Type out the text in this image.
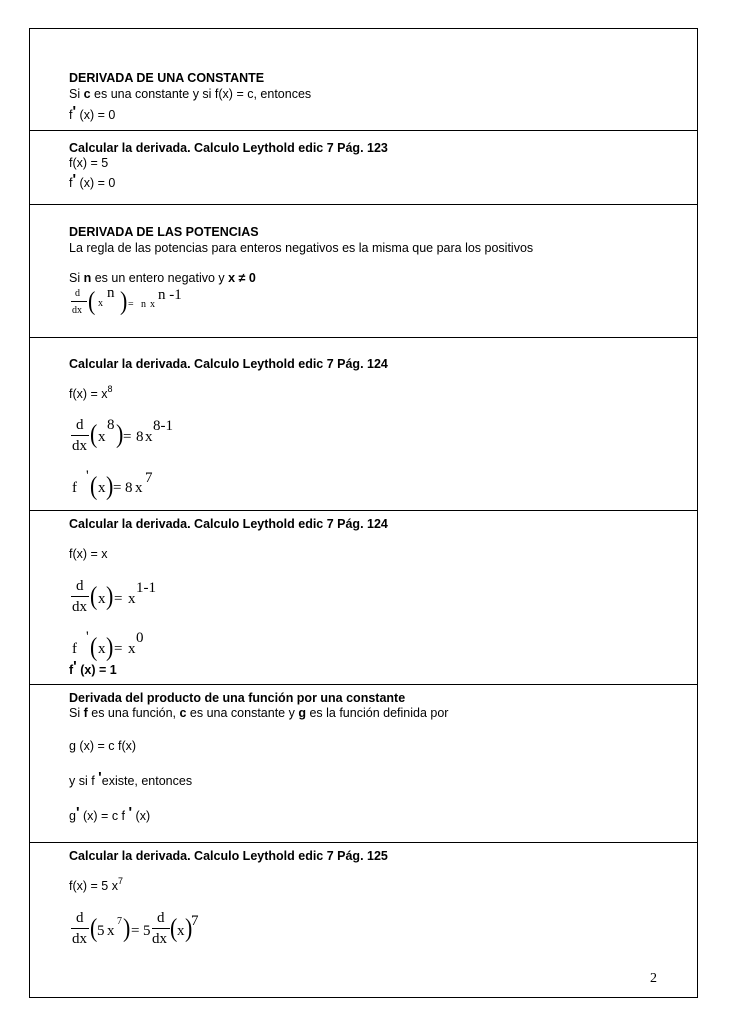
DERIVADA DE UNA CONSTANTE
Si c es una constante y si f(x) = c, entonces
f' (x) = 0
Calcular la derivada. Calculo Leythold edic 7 Pág. 123
f(x) = 5
f' (x) = 0
DERIVADA DE LAS POTENCIAS
La regla de las potencias para enteros negativos es la misma que para los positivos
Si n es un entero negativo y x ≠ 0
d
dx ( x
n ) = n x
n -1
Calcular la derivada. Calculo Leythold edic 7 Pág. 124
$f(x) = x^8$
d
dx ( x
8 ) = 8 x
8-1
f
' ( x ) = 8 x
7
Calcular la derivada. Calculo Leythold edic 7 Pág. 124
f(x) = x
d
dx ( x ) = x
1-1
f
' ( x ) = x
0
f' (x) = 1
Derivada del producto de una función por una constante
Si f es una función, c es una constante y g es la función definida por
g (x) = c f(x)
y si f 'existe, entonces
g' (x) = c f ' (x)
Calcular la derivada. Calculo Leythold edic 7 Pág. 125
f(x) = 5 $x^7$
d
dx ( 5 x
7 ) = 5
d
dx ( x )
7
2
